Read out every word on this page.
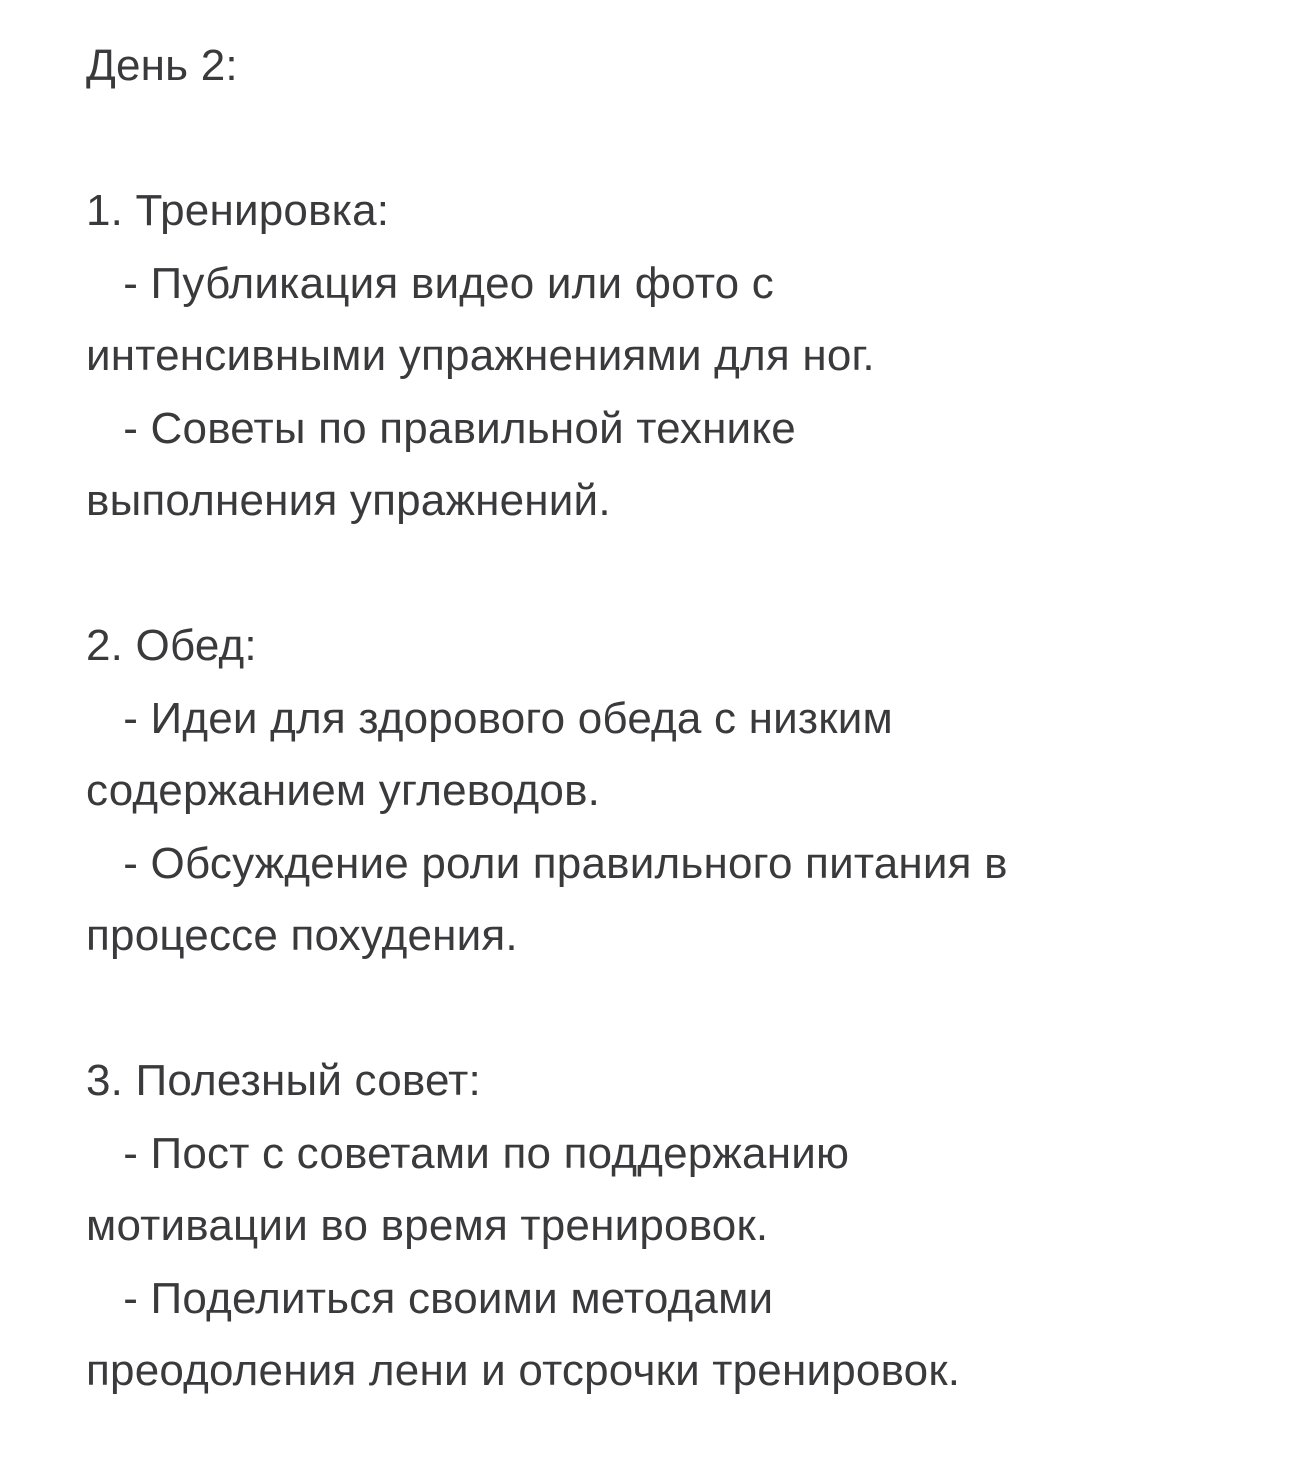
День 2:
1. Тренировка:
- Публикация видео или фото с
интенсивными упражнениями для ног.
- Советы по правильной технике
выполнения упражнений.
2. Обед:
- Идеи для здорового обеда с низким
содержанием углеводов.
- Обсуждение роли правильного питания в
процессе похудения.
3. Полезный совет:
- Пост с советами по поддержанию
мотивации во время тренировок.
- Поделиться своими методами
преодоления лени и отсрочки тренировок.
